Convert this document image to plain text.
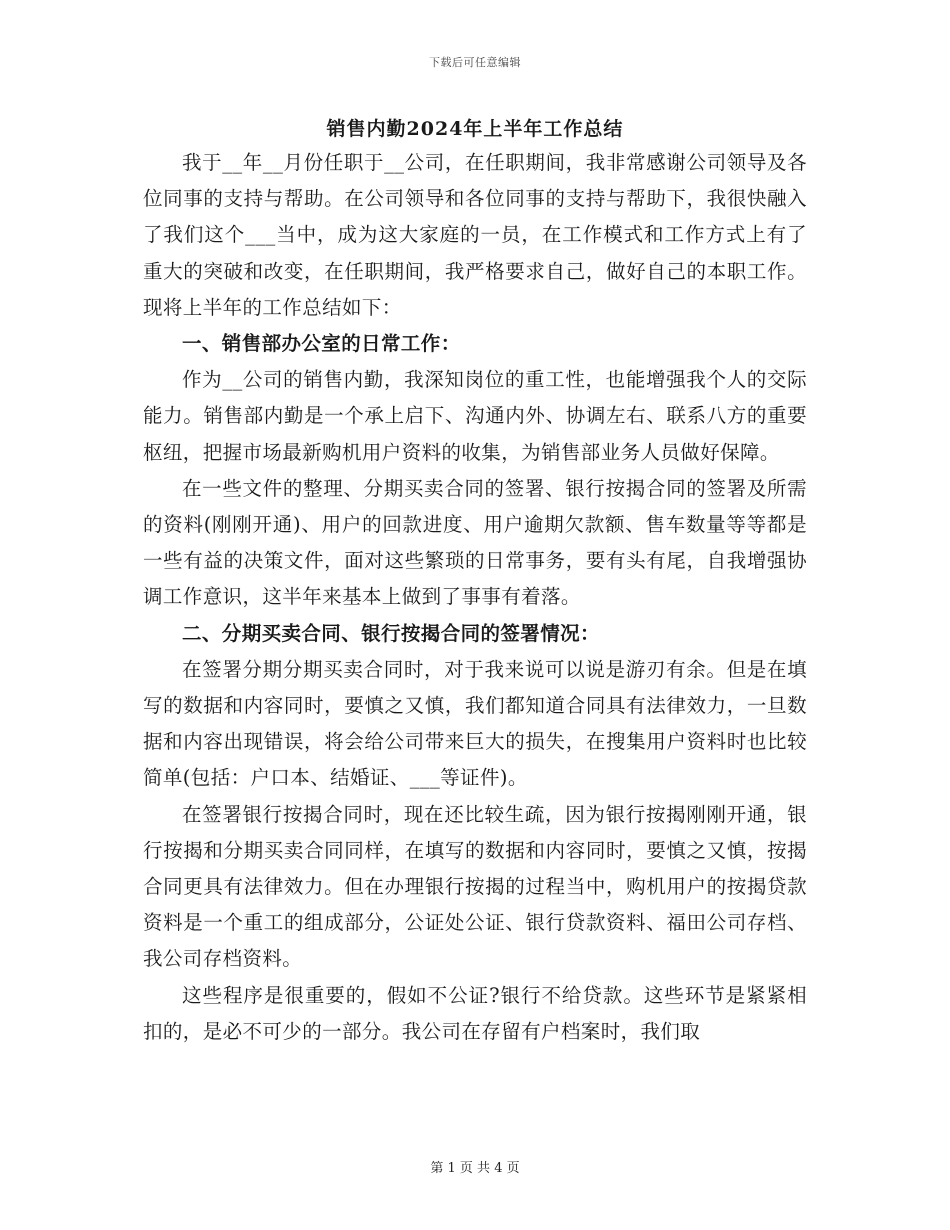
下载后可任意编辑
销售内勤2024年上半年工作总结

我于__年__月份任职于__公司，在任职期间，我非常感谢公司领导及各位同事的支持与帮助。在公司领导和各位同事的支持与帮助下，我很快融入了我们这个___当中，成为这大家庭的一员，在工作模式和工作方式上有了重大的突破和改变，在任职期间，我严格要求自己，做好自己的本职工作。现将上半年的工作总结如下：

一、销售部办公室的日常工作：

作为__公司的销售内勤，我深知岗位的重工性，也能增强我个人的交际能力。销售部内勤是一个承上启下、沟通内外、协调左右、联系八方的重要枢纽，把握市场最新购机用户资料的收集，为销售部业务人员做好保障。

在一些文件的整理、分期买卖合同的签署、银行按揭合同的签署及所需的资料(刚刚开通)、用户的回款进度、用户逾期欠款额、售车数量等等都是一些有益的决策文件，面对这些繁琐的日常事务，要有头有尾，自我增强协调工作意识，这半年来基本上做到了事事有着落。

二、分期买卖合同、银行按揭合同的签署情况：

在签署分期分期买卖合同时，对于我来说可以说是游刃有余。但是在填写的数据和内容同时，要慎之又慎，我们都知道合同具有法律效力，一旦数据和内容出现错误，将会给公司带来巨大的损失，在搜集用户资料时也比较简单(包括：户口本、结婚证、___等证件)。

在签署银行按揭合同时，现在还比较生疏，因为银行按揭刚刚开通，银行按揭和分期买卖合同同样，在填写的数据和内容同时，要慎之又慎，按揭合同更具有法律效力。但在办理银行按揭的过程当中，购机用户的按揭贷款资料是一个重工的组成部分，公证处公证、银行贷款资料、福田公司存档、我公司存档资料。

这些程序是很重要的，假如不公证?银行不给贷款。这些环节是紧紧相扣的，是必不可少的一部分。我公司在存留有户档案时，我们取

第 1 页 共 4 页
